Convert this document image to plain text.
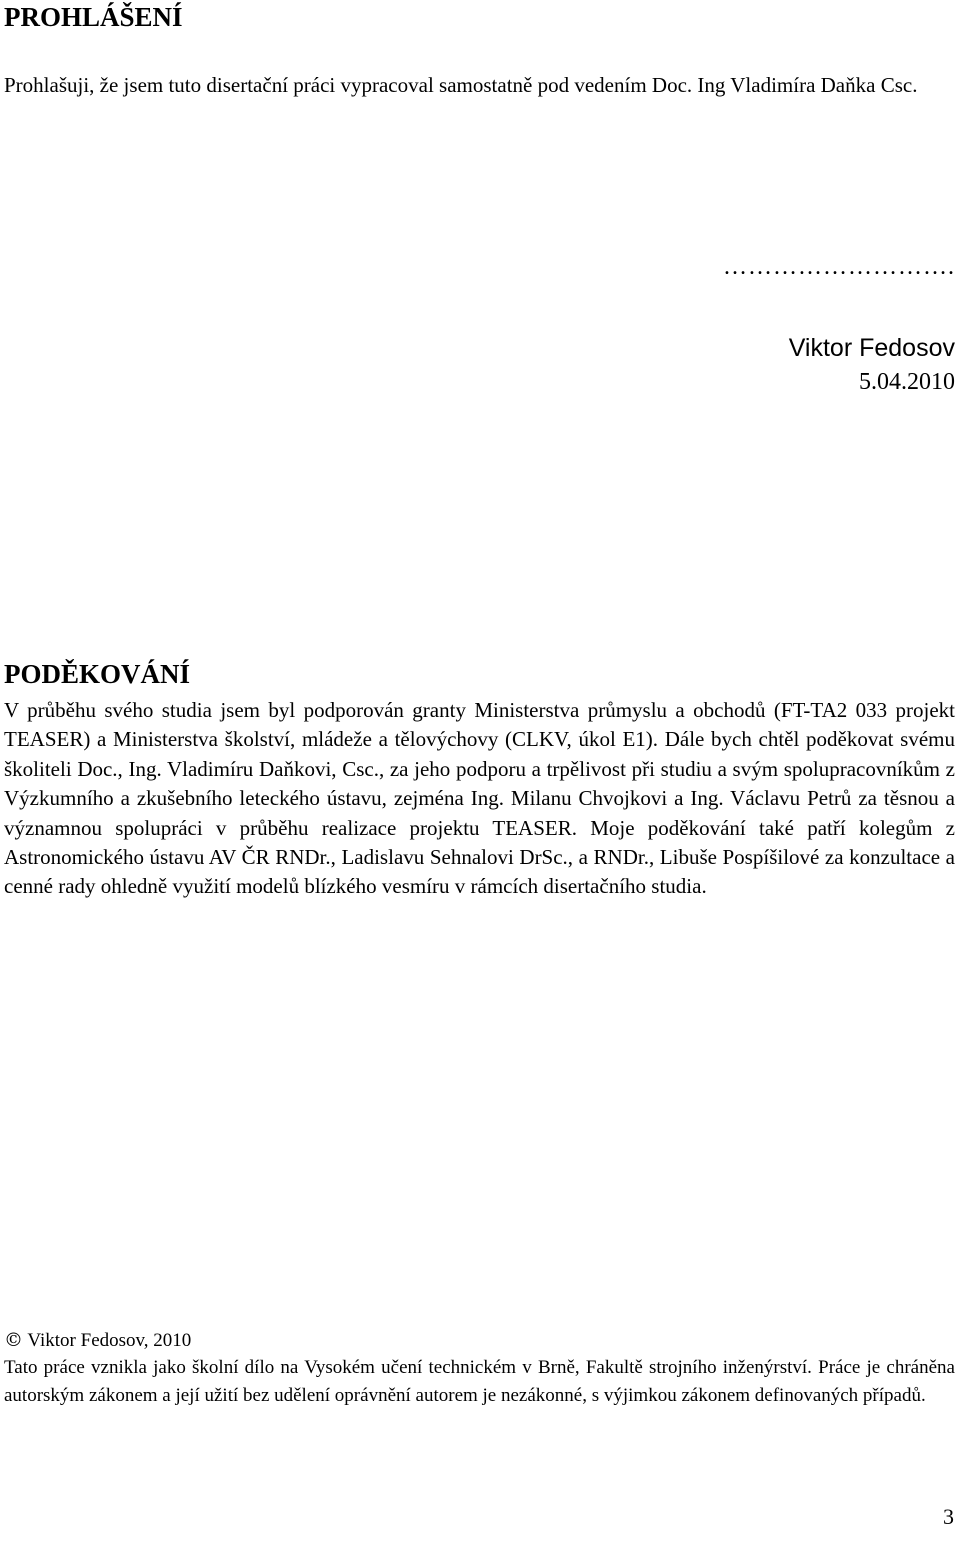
PROHLÁŠENÍ

Prohlašuji, že jsem tuto disertační práci vypracoval samostatně pod vedením Doc. Ing Vladimíra Daňka Csc.

……………………….
Viktor Fedosov
5.04.2010
PODĚKOVÁNÍ

V průběhu svého studia jsem byl podporován granty Ministerstva průmyslu a obchodů (FT-TA2 033 projekt TEASER) a Ministerstva školství, mládeže a tělovýchovy (CLKV, úkol E1). Dále bych chtěl poděkovat svému školiteli Doc., Ing. Vladimíru Daňkovi, Csc., za jeho podporu a trpělivost při studiu a svým spolupracovníkům z Výzkumního a zkušebního leteckého ústavu, zejména Ing. Milanu Chvojkovi a Ing. Václavu Petrů za těsnou a významnou spolupráci v průběhu realizace projektu TEASER. Moje poděkování také patří kolegům z Astronomického ústavu AV ČR RNDr., Ladislavu Sehnalovi DrSc., a RNDr., Libuše Pospíšilové za konzultace a cenné rady ohledně využití modelů blízkého vesmíru v rámcích disertačního studia.

© Viktor Fedosov, 2010

Tato práce vznikla jako školní dílo na Vysokém učení technickém v Brně, Fakultě strojního inženýrství. Práce je chráněna autorským zákonem a její užití bez udělení oprávnění autorem je nezákonné, s výjimkou zákonem definovaných případů.

3
